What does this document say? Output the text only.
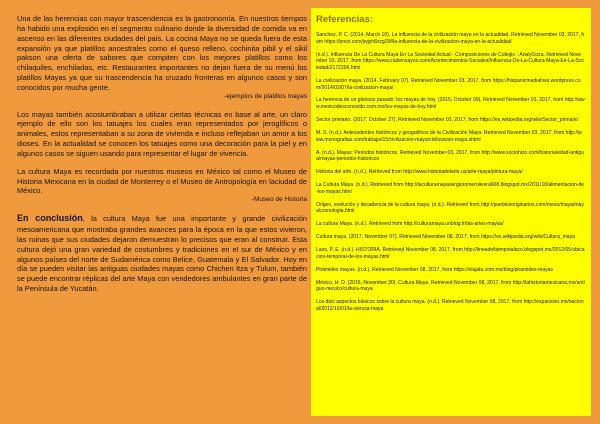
Una de las herencias con mayor trascendencia es la gastronomía. En nuestros tiempos ha habido una explosión en el segmento culinario donde la diversidad de comida va en ascenso en las diferentes ciudades del país. La cocina Maya no se queda fuera de esta expansión ya que platillos ancestrales como el queso relleno, cochinita pibil y el sikil pakson una oferta de sabores que compiten con los mejores platillos como los chilaquiles, enchiladas, etc. Restaurantes importantes no dejan fuera de su menú los platillos Mayas ya que su trascendencia ha cruzado fronteras en algunos casos y son conocidos por mucha gente.

-ejemplos de platillos mayas

Los mayas también acostumbraban a utilizar ciertas técnicas en base al arte, un claro ejemplo de ello son los tatuajes los cuales eran representados por jeroglíficos o animales, estos representaban a su zona de vivienda e incluso reflejaban un amor a los dioses. En la actualidad se conocen los tatuajes como una decoración para la piel y en algunos casos se siguen usando para representar el lugar de vivencia.

La cultura Maya es recordada por nuestros museos en México tal como el Museo de Historia Mexicana en la ciudad de Monterrey o el Museo de Antropología en laciudad de México.

-Museo de Historia

En conclusión, la cultura Maya fue una importante y grande civilización mesoamericana que mostraba grandes avances para la época en la que estos vivieron, las ruinas que sus ciudades dejaron demuestran lo precisos que eran al construir. Esta cultura dejó una gran variedad de costumbres y tradiciones en el sur de México y en algunos países del norte de Sudamérica como Belice, Guatemala y El Salvador. Hoy en día se pueden visitar las antiguas ciudades mayas como Chichen Itza y Tulum, también se puede encontrar réplicas del arte Maya con vendedores ambulantes en gran parte de la Península de Yucatán.

Referencias:

Sanchez, P. C. (2014, March 10). La influencia de la civilización maya en la actualidad. Retrieved November 03, 2017, from https://prezi.com/jwjyh8zzg29f/la-influencia-de-la-civilizacion-maya-en-la-actualidad/

(n.d.). Influencia De La Cultura Maya En La Sociedad Actual - Composiciones de Colegio - AnalySoza. Retrieved November 03, 2017, from https://www.clubensayos.com/Acontecimientos-Sociales/Influencia-De-La-Cultura-Maya-En-La-Sociedad/2172296.html

La civilización maya. (2014, February 07). Retrieved November 03, 2017, from https://hispanicmediahws.wordpress.com/2014/02/07/la-civilizacion-maya/

La herencia de un glorioso pasado: los mayas de hoy. (2015, October 09). Retrieved November 03, 2017, from http://www.mexicodesconocido.com.mx/los-mayas-de-hoy.html

Sector primario. (2017, October 27). Retrieved November 03, 2017, from https://es.wikipedia.org/wiki/Sector_primario

M. S. (n.d.). Antecedentes históricos y geográficos de la Civilización Maya. Retrieved November 03, 2017, from http://www.monografias.com/trabajos15/civilizacion-maya/civilizacion-maya.shtml

A. (n.d.). Mayas: Periodos históricos. Retrieved November 03, 2017, from http://www.sociohizo.com/historia/edad-antigua/mayas-periodos-historicos

Historia del arte. (n.d.). Retrieved from http://www.historiadelarte.us/arte-maya/pintura-maya/

La Cultura Maya. (n.d.). Retrieved from http://laculturamayasergioromerolivera608.blogspot.mx/2011/10/alimentacion-de-los-mayas.html

Origen, evolución y decadencia de la cultura maya. (n.d.). Retrieved from http://pueblosoriginarios.com/meso/maya/maya/cronologia.html

La cultura Maya. (n.d.). Retrieved from http://culturamaya.unblog.fr/las-artes-mayas/

Cultura maya. (2017, November 07). Retrieved November 08, 2017, from https://es.wikipedia.org/wiki/Cultura_maya

Laos, P. E. (n.d.). HISTORIA. Retrieved November 08, 2017, from http://lineadeltiempotalaco.blogspot.mx/2012/05/ubicacion-temporal-de-los-mayas.html

Pirámides mayas. (n.d.). Retrieved November 08, 2017, from https://viajala.com.mx/blog/piramides-mayas

México, H. D. (2016, November 30). Cultura Maya. Retrieved November 08, 2017, from http://lahistoriamexicana.mx/antiguo-mexico/cultura-maya

Los diez aspectos básicos sobre la cultura maya. (n.d.). Retrieved November 08, 2017, from http://expansion.mx/nacional/2012/10/01/la-ciencia-maya
